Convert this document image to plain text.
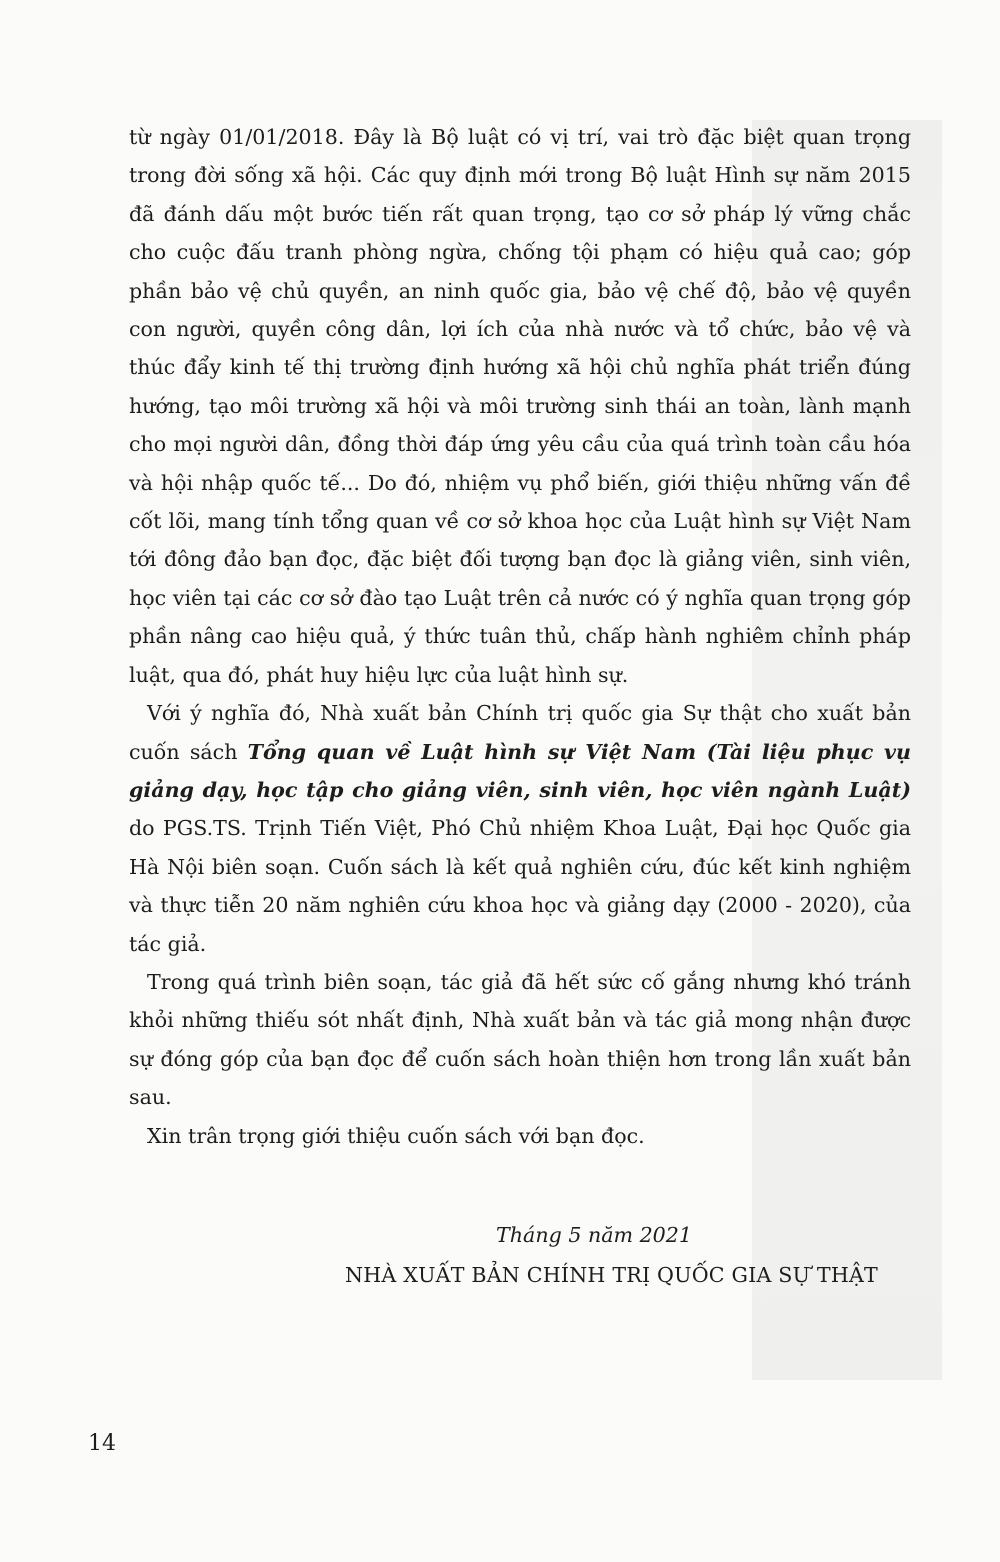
từ ngày 01/01/2018. Đây là Bộ luật có vị trí, vai trò đặc biệt quan trọng trong đời sống xã hội. Các quy định mới trong Bộ luật Hình sự năm 2015 đã đánh dấu một bước tiến rất quan trọng, tạo cơ sở pháp lý vững chắc cho cuộc đấu tranh phòng ngừa, chống tội phạm có hiệu quả cao; góp phần bảo vệ chủ quyền, an ninh quốc gia, bảo vệ chế độ, bảo vệ quyền con người, quyền công dân, lợi ích của nhà nước và tổ chức, bảo vệ và thúc đẩy kinh tế thị trường định hướng xã hội chủ nghĩa phát triển đúng hướng, tạo môi trường xã hội và môi trường sinh thái an toàn, lành mạnh cho mọi người dân, đồng thời đáp ứng yêu cầu của quá trình toàn cầu hóa và hội nhập quốc tế... Do đó, nhiệm vụ phổ biến, giới thiệu những vấn đề cốt lõi, mang tính tổng quan về cơ sở khoa học của Luật hình sự Việt Nam tới đông đảo bạn đọc, đặc biệt đối tượng bạn đọc là giảng viên, sinh viên, học viên tại các cơ sở đào tạo Luật trên cả nước có ý nghĩa quan trọng góp phần nâng cao hiệu quả, ý thức tuân thủ, chấp hành nghiêm chỉnh pháp luật, qua đó, phát huy hiệu lực của luật hình sự.

Với ý nghĩa đó, Nhà xuất bản Chính trị quốc gia Sự thật cho xuất bản cuốn sách Tổng quan về Luật hình sự Việt Nam (Tài liệu phục vụ giảng dạy, học tập cho giảng viên, sinh viên, học viên ngành Luật) do PGS.TS. Trịnh Tiến Việt, Phó Chủ nhiệm Khoa Luật, Đại học Quốc gia Hà Nội biên soạn. Cuốn sách là kết quả nghiên cứu, đúc kết kinh nghiệm và thực tiễn 20 năm nghiên cứu khoa học và giảng dạy (2000 - 2020), của tác giả.

Trong quá trình biên soạn, tác giả đã hết sức cố gắng nhưng khó tránh khỏi những thiếu sót nhất định, Nhà xuất bản và tác giả mong nhận được sự đóng góp của bạn đọc để cuốn sách hoàn thiện hơn trong lần xuất bản sau.

Xin trân trọng giới thiệu cuốn sách với bạn đọc.

Tháng 5 năm 2021
NHÀ XUẤT BẢN CHÍNH TRỊ QUỐC GIA SỰ THẬT
14
